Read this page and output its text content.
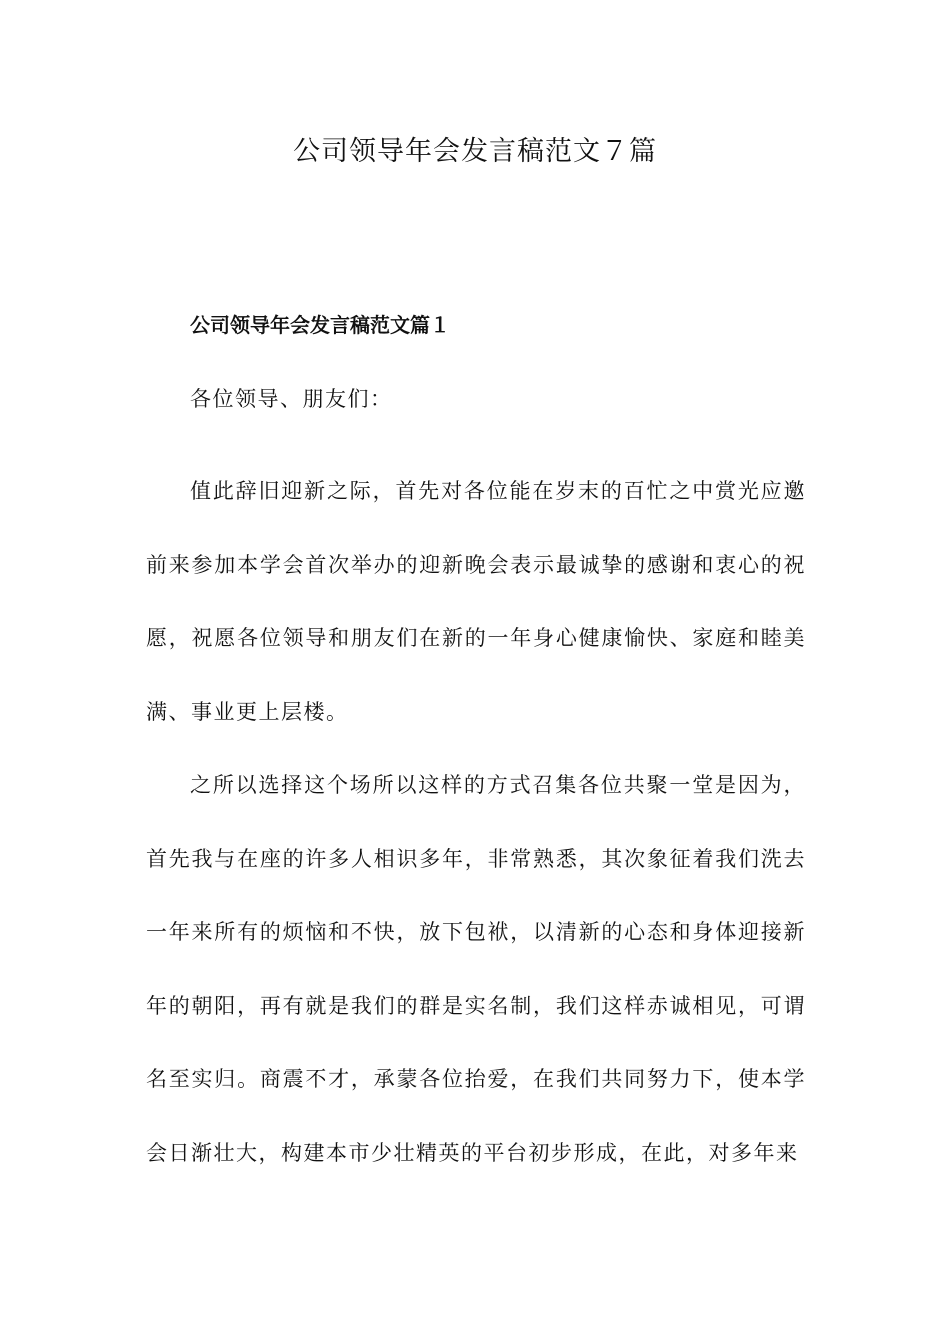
公司领导年会发言稿范文７篇
公司领导年会发言稿范文篇１

各位领导、朋友们：

值此辞旧迎新之际，首先对各位能在岁末的百忙之中赏光应邀前来参加本学会首次举办的迎新晚会表示最诚挚的感谢和衷心的祝愿，祝愿各位领导和朋友们在新的一年身心健康愉快、家庭和睦美满、事业更上层楼。

之所以选择这个场所以这样的方式召集各位共聚一堂是因为，首先我与在座的许多人相识多年，非常熟悉，其次象征着我们洗去一年来所有的烦恼和不快，放下包袱，以清新的心态和身体迎接新年的朝阳，再有就是我们的群是实名制，我们这样赤诚相见，可谓名至实归。商震不才，承蒙各位抬爱，在我们共同努力下，使本学会日渐壮大，构建本市少壮精英的平台初步形成，在此，对多年来
